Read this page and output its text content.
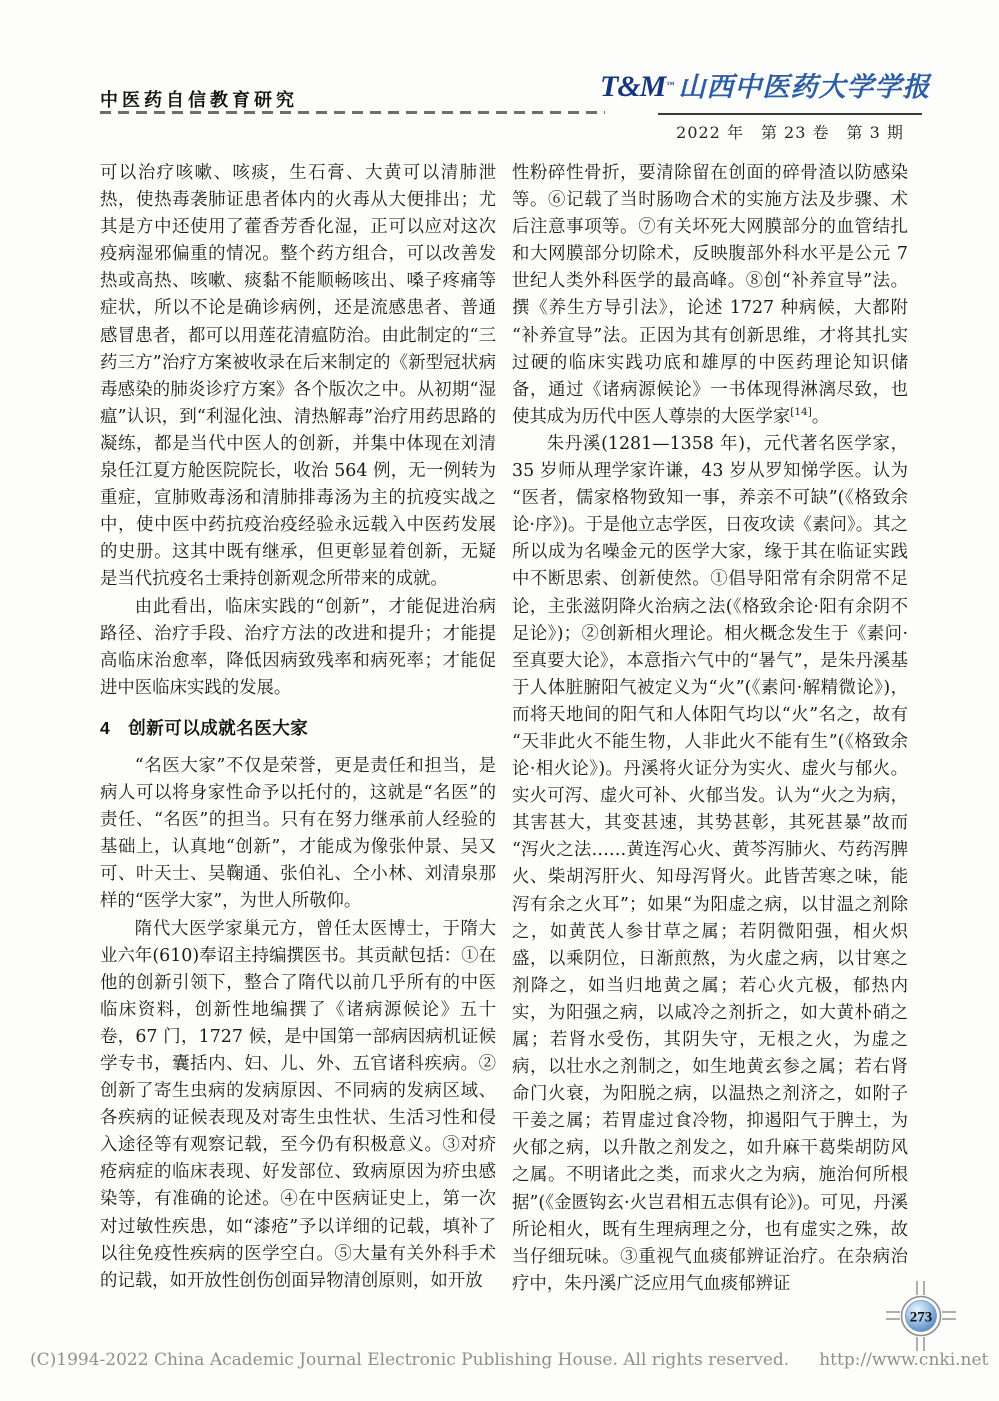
中医药自信教育研究	T&M™ 山西中医药大学学报
2022 年　第 23 卷　第 3 期

可以治疗咳嗽、咳痰，生石膏、大黄可以清肺泄热，使热毒袭肺证患者体内的火毒从大便排出；尤其是方中还使用了藿香芳香化湿，正可以应对这次疫病湿邪偏重的情况。整个药方组合，可以改善发热或高热、咳嗽、痰黏不能顺畅咳出、嗓子疼痛等症状，所以不论是确诊病例，还是流感患者、普通感冒患者，都可以用莲花清瘟防治。由此制定的“三药三方”治疗方案被收录在后来制定的《新型冠状病毒感染的肺炎诊疗方案》各个版次之中。从初期“湿瘟”认识，到“利湿化浊、清热解毒”治疗用药思路的凝练，都是当代中医人的创新，并集中体现在刘清泉任江夏方舱医院院长，收治 564 例，无一例转为重症，宣肺败毒汤和清肺排毒汤为主的抗疫实战之中，使中医中药抗疫治疫经验永远载入中医药发展的史册。这其中既有继承，但更彰显着创新，无疑是当代抗疫名士秉持创新观念所带来的成就。

由此看出，临床实践的“创新”，才能促进治病路径、治疗手段、治疗方法的改进和提升；才能提高临床治愈率，降低因病致残率和病死率；才能促进中医临床实践的发展。

4　创新可以成就名医大家

“名医大家”不仅是荣誉，更是责任和担当，是病人可以将身家性命予以托付的，这就是“名医”的责任、“名医”的担当。只有在努力继承前人经验的基础上，认真地“创新”，才能成为像张仲景、吴又可、叶天士、吴鞠通、张伯礼、仝小林、刘清泉那样的“医学大家”，为世人所敬仰。

隋代大医学家巢元方，曾任太医博士，于隋大业六年(610)奉诏主持编撰医书。其贡献包括：①在他的创新引领下，整合了隋代以前几乎所有的中医临床资料，创新性地编撰了《诸病源候论》五十卷，67 门，1727 候，是中国第一部病因病机证候学专书，囊括内、妇、儿、外、五官诸科疾病。②创新了寄生虫病的发病原因、不同病的发病区域、各疾病的证候表现及对寄生虫性状、生活习性和侵入途径等有观察记载，至今仍有积极意义。③对疥疮病症的临床表现、好发部位、致病原因为疥虫感染等，有准确的论述。④在中医病证史上，第一次对过敏性疾患，如“漆疮”予以详细的记载，填补了以往免疫性疾病的医学空白。⑤大量有关外科手术的记载，如开放性创伤创面异物清创原则，如开放

性粉碎性骨折，要清除留在创面的碎骨渣以防感染等。⑥记载了当时肠吻合术的实施方法及步骤、术后注意事项等。⑦有关坏死大网膜部分的血管结扎和大网膜部分切除术，反映腹部外科水平是公元 7 世纪人类外科医学的最高峰。⑧创“补养宣导”法。撰《养生方导引法》，论述 1727 种病候，大都附“补养宣导”法。正因为其有创新思维，才将其扎实过硬的临床实践功底和雄厚的中医药理论知识储备，通过《诸病源候论》一书体现得淋漓尽致，也使其成为历代中医人尊崇的大医学家[14]。

朱丹溪(1281—1358 年)，元代著名医学家，35 岁师从理学家许谦，43 岁从罗知悌学医。认为“医者，儒家格物致知一事，养亲不可缺”(《格致余论·序》)。于是他立志学医，日夜攻读《素问》。其之所以成为名噪金元的医学大家，缘于其在临证实践中不断思索、创新使然。①倡导阳常有余阴常不足论，主张滋阴降火治病之法(《格致余论·阳有余阴不足论》)；②创新相火理论。相火概念发生于《素问·至真要大论》，本意指六气中的“暑气”，是朱丹溪基于人体脏腑阳气被定义为“火”(《素问·解精微论》)，而将天地间的阳气和人体阳气均以“火”名之，故有“天非此火不能生物，人非此火不能有生”(《格致余论·相火论》)。丹溪将火证分为实火、虚火与郁火。实火可泻、虚火可补、火郁当发。认为“火之为病，其害甚大，其变甚速，其势甚彰，其死甚暴”故而“泻火之法……黄连泻心火、黄芩泻肺火、芍药泻脾火、柴胡泻肝火、知母泻肾火。此皆苦寒之味，能泻有余之火耳”；如果“为阳虚之病，以甘温之剂除之，如黄芪人参甘草之属；若阴微阳强，相火炽盛，以乘阴位，日渐煎熬，为火虚之病，以甘寒之剂降之，如当归地黄之属；若心火亢极，郁热内实，为阳强之病，以咸冷之剂折之，如大黄朴硝之属；若肾水受伤，其阴失守，无根之火，为虚之病，以壮水之剂制之，如生地黄玄参之属；若右肾命门火衰，为阳脱之病，以温热之剂济之，如附子干姜之属；若胃虚过食冷物，抑遏阳气于脾土，为火郁之病，以升散之剂发之，如升麻干葛柴胡防风之属。不明诸此之类，而求火之为病，施治何所根据”(《金匮钩玄·火岂君相五志俱有论》)。可见，丹溪所论相火，既有生理病理之分，也有虚实之殊，故当仔细玩味。③重视气血痰郁辨证治疗。在杂病治疗中，朱丹溪广泛应用气血痰郁辨证

273
(C)1994-2022 China Academic Journal Electronic Publishing House. All rights reserved. http://www.cnki.net
